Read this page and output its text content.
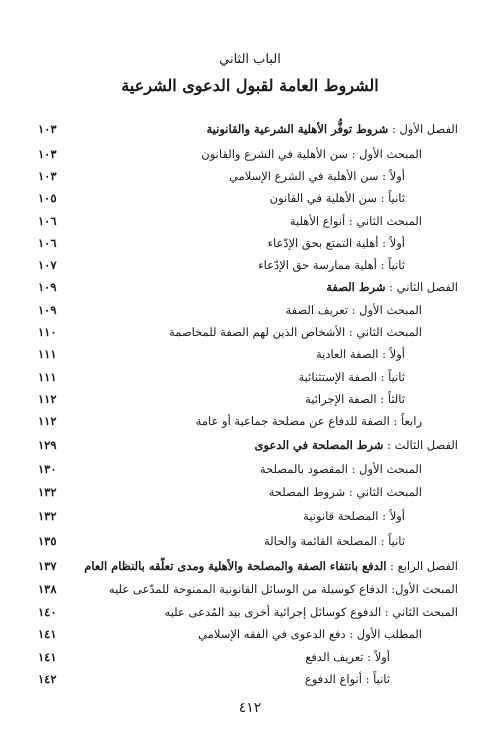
الباب الثاني
الشروط العامة لقبول الدعوى الشرعية
الفصل الأول : شروط توفُّر الأهلية الشرعية والقانونية
١٠٣
المبحث الأول : سن الأهلية في الشرع والقانون
١٠٣
أولاً : سن الأهلية في الشرع الإسلامي
١٠٣
ثانياً : سن الأهلية في القانون
١٠٥
المبحث الثاني : أنواع الأهلية
١٠٦
أولاً : أهلية التمتع بحق الإدّعاء
١٠٦
ثانياً : أهلية ممارسة حق الإدّعاء
١٠٧
الفصل الثاني : شرط الصفة
١٠٩
المبحث الأول : تعريف الصفة
١٠٩
المبحث الثاني : الأشخاص الذين لهم الصفة للمخاصمة
١١٠
أولاً : الصفة العادية
١١١
ثانياً : الصفة الإستثنائية
١١١
ثالثاً : الصفة الإجرائية
١١٢
رابعاً : الصفة للدفاع عن مصلحة جماعية أو عامة
١١٢
الفصل الثالث : شرط المصلحة في الدعوى
١٢٩
المبحث الأول : المقصود بالمصلحة
١٣٠
المبحث الثاني : شروط المصلحة
١٣٢
أولاً : المصلحة قانونية
١٣٢
ثانياً : المصلحة القائمة والحالة
١٣٥
الفصل الرابع : الدفع بانتفاء الصفة والمصلحة والأهلية ومدى تعلّقه بالنظام العام
١٣٧
المبحث الأول: الدفاع كوسيلة من الوسائل القانونية الممنوحة للمدّعى عليه
١٣٨
المبحث الثاني : الدفوع كوسائل إجرائية أخرى بيد المُدعى عليه
١٤٠
المطلب الأول : دفع الدعوى في الفقه الإسلامي
١٤١
أولاً : تعريف الدفع
١٤١
ثانياً : أنواع الدفوع
١٤٢
٤١٢
